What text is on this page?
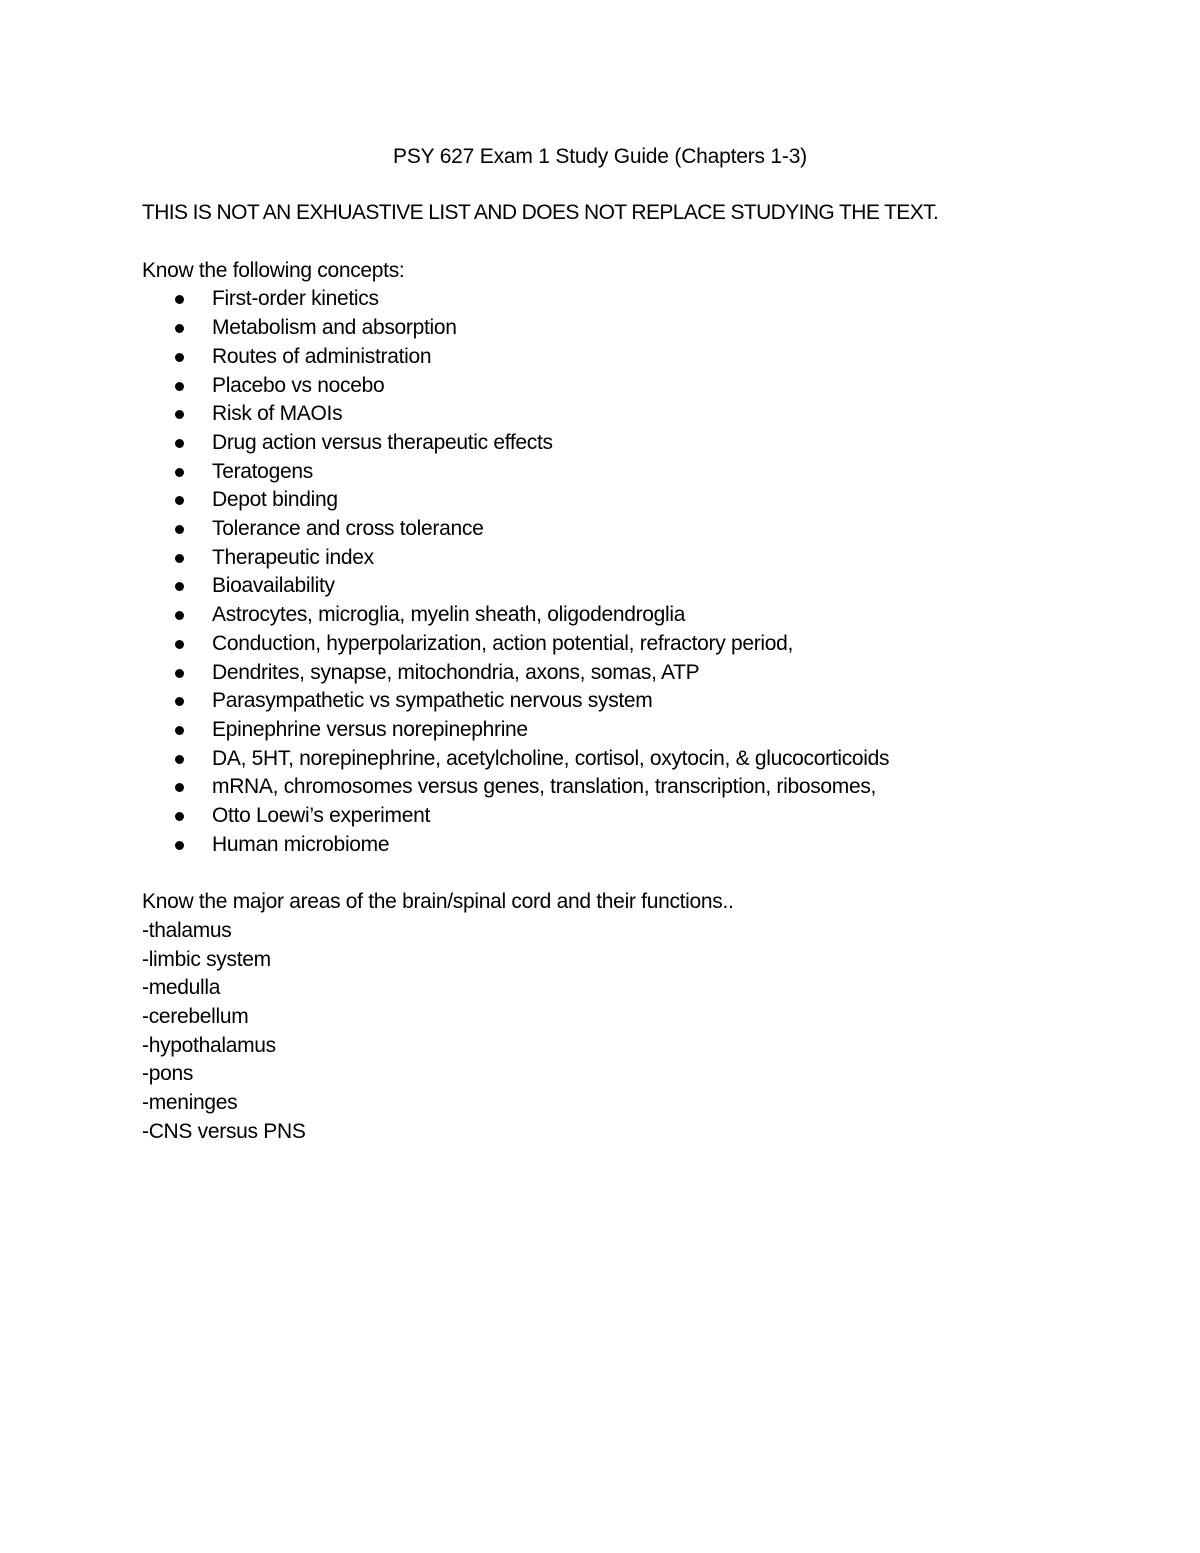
PSY 627 Exam 1 Study Guide (Chapters 1-3)

THIS IS NOT AN EXHUASTIVE LIST AND DOES NOT REPLACE STUDYING THE TEXT.

Know the following concepts:

First-order kinetics
Metabolism and absorption
Routes of administration
Placebo vs nocebo
Risk of MAOIs
Drug action versus therapeutic effects
Teratogens
Depot binding
Tolerance and cross tolerance
Therapeutic index
Bioavailability
Astrocytes, microglia, myelin sheath, oligodendroglia
Conduction, hyperpolarization, action potential, refractory period,
Dendrites, synapse, mitochondria, axons, somas, ATP
Parasympathetic vs sympathetic nervous system
Epinephrine versus norepinephrine
DA, 5HT, norepinephrine, acetylcholine, cortisol, oxytocin, & glucocorticoids
mRNA, chromosomes versus genes, translation, transcription, ribosomes,
Otto Loewi’s experiment
Human microbiome

Know the major areas of the brain/spinal cord and their functions..

-thalamus
-limbic system
-medulla
-cerebellum
-hypothalamus
-pons
-meninges
-CNS versus PNS
